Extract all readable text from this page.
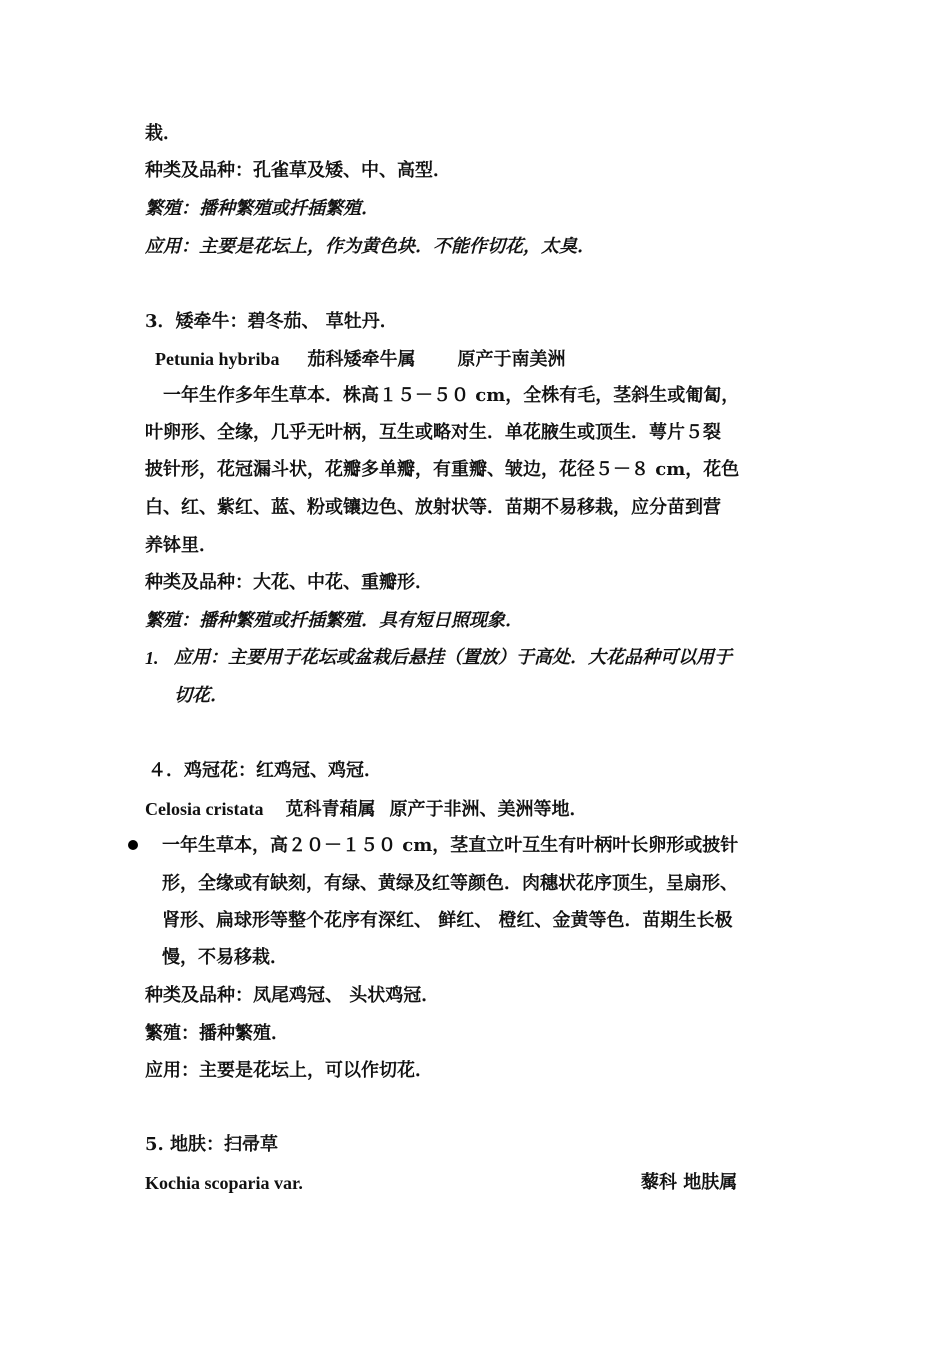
栽．
种类及品种：孔雀草及矮、中、高型．
繁殖：播种繁殖或扦插繁殖．
应用：主要是花坛上，作为黄色块．不能作切花，太臭．
3．矮牵牛：碧冬茄、 草牡丹．
Petunia hybriba 茄科矮牵牛属 原产于南美洲
一年生作多年生草本．株高１５－５０ cm，全株有毛，茎斜生或匍匐，
叶卵形、全缘，几乎无叶柄，互生或略对生．单花腋生或顶生．萼片５裂
披针形，花冠漏斗状，花瓣多单瓣，有重瓣、皱边，花径５－８ cm，花色
白、红、紫红、蓝、粉或镶边色、放射状等．苗期不易移栽，应分苗到营
养钵里．
种类及品种：大花、中花、重瓣形．
繁殖：播种繁殖或扦插繁殖．具有短日照现象．
1. 应用：主要用于花坛或盆栽后悬挂（置放）于高处．大花品种可以用于
切花．
４．鸡冠花：红鸡冠、鸡冠．
Celosia cristata 苋科青葙属 原产于非洲、美洲等地．
一年生草本，高２０－１５０ cm，茎直立叶互生有叶柄叶长卵形或披针
形，全缘或有缺刻，有绿、黄绿及红等颜色．肉穗状花序顶生，呈扇形、
肾形、扁球形等整个花序有深红、 鲜红、 橙红、金黄等色．苗期生长极
慢，不易移栽．
种类及品种：凤尾鸡冠、 头状鸡冠．
繁殖：播种繁殖．
应用：主要是花坛上，可以作切花．
5. 地肤：扫帚草
Kochia scoparia var.	藜科 地肤属
